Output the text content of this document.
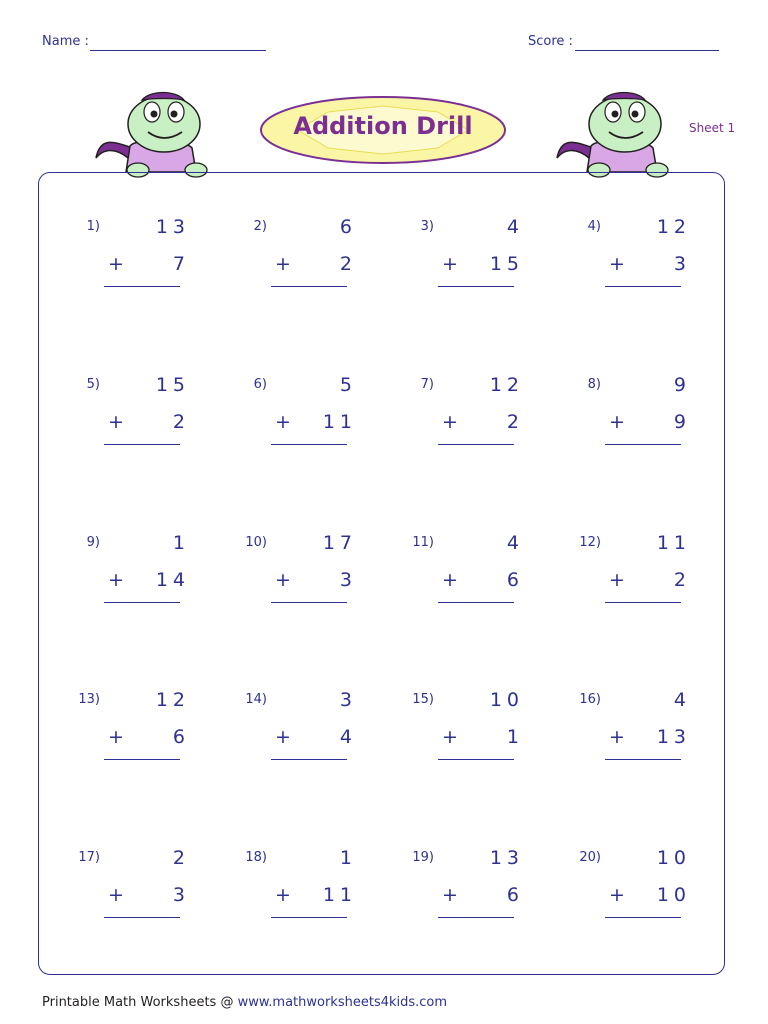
Name :	Score :
Addition Drill	Sheet 1
1)	13
+	7
2)	6
+	2
3)	4
+	15
4)	12
+	3
5)	15
+	2
6)	5
+	11
7)	12
+	2
8)	9
+	9
9)	1
+	14
10)	17
+	3
11)	4
+	6
12)	11
+	2
13)	12
+	6
14)	3
+	4
15)	10
+	1
16)	4
+	13
17)	2
+	3
18)	1
+	11
19)	13
+	6
20)	10
+	10
Printable Math Worksheets @ www.mathworksheets4kids.com
